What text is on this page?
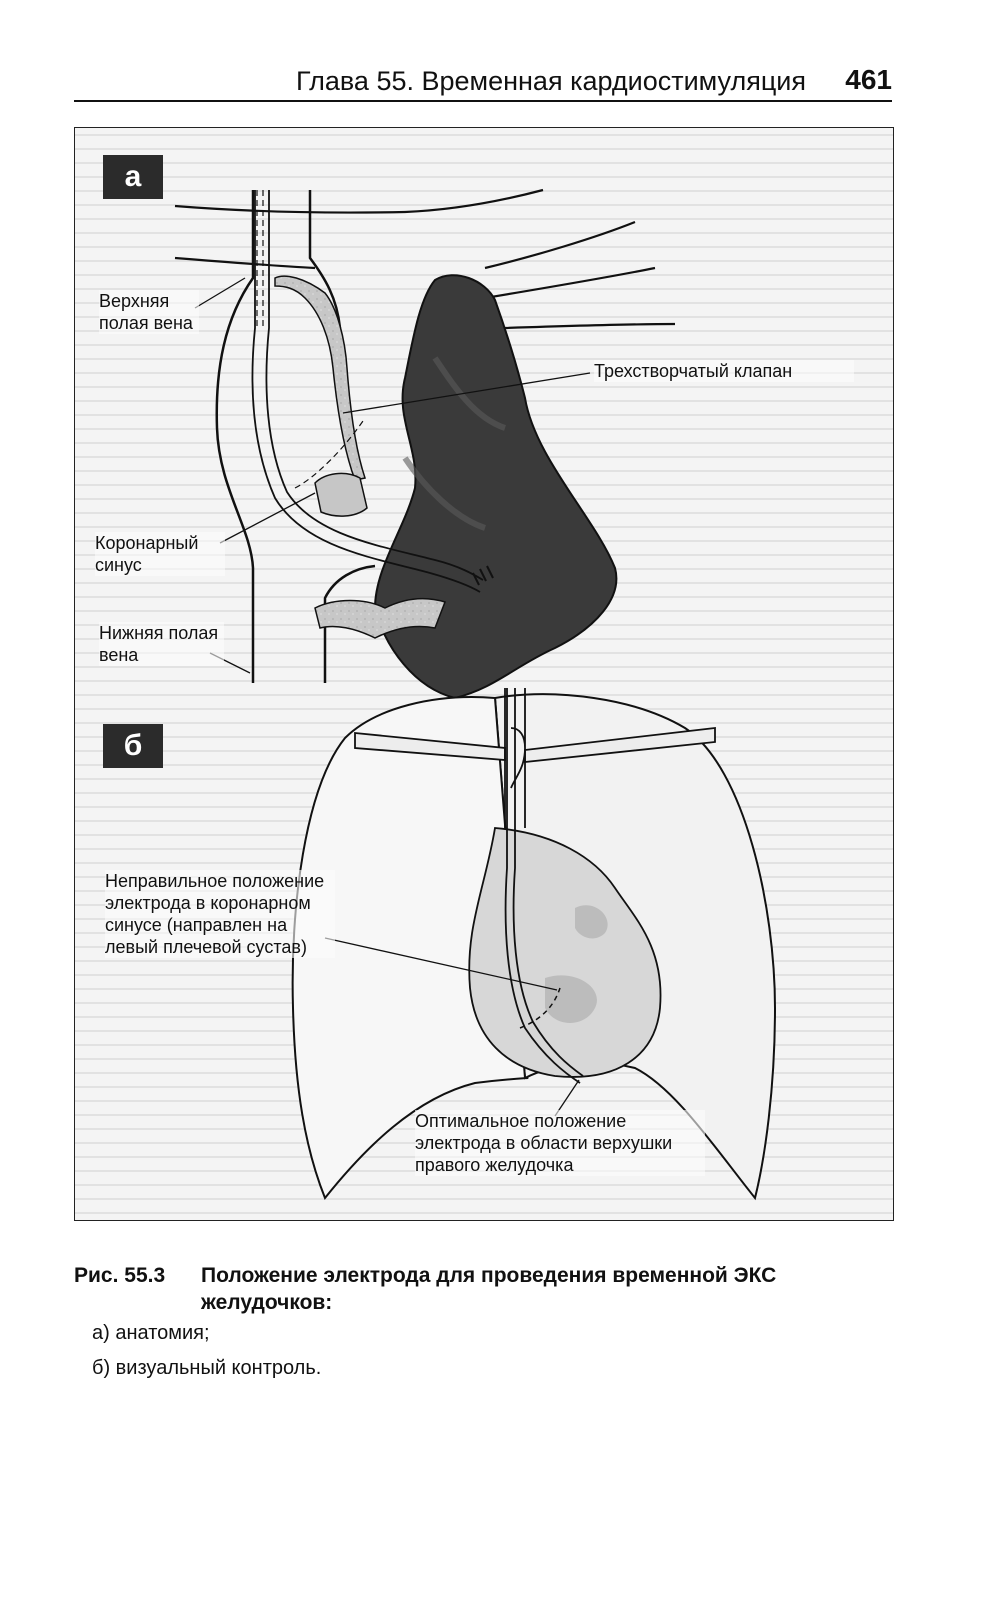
Глава 55. Временная кардиостимуляция 461
а
б
Верхняя полая вена
Трехстворчатый клапан
Коронарный синус
Нижняя полая вена
Неправильное положение электрода в коронарном синусе (направлен на левый плечевой сустав)
Оптимальное положение электрода в области верхушки правого желудочка
Рис. 55.3 Положение электрода для проведения временной ЭКС желудочков:
а) анатомия;
б) визуальный контроль.
